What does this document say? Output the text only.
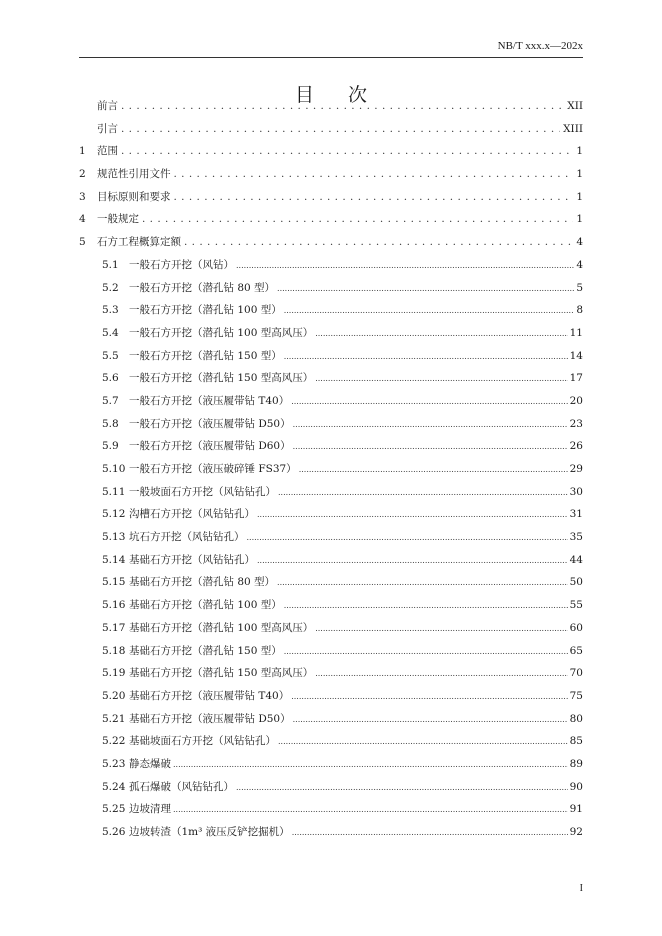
NB/T xxx.x—202x
目 次
前言 . . .	XII
引言 . . .	XIII
1	范围 . . .	1
2	规范性引用文件 . . .	1
3	目标原则和要求 . . .	1
4	一般规定 . . .	1
5	石方工程概算定额 . . .	4
5.1 一般石方开挖（风钻） .....	4
5.2 一般石方开挖（潜孔钻 80 型） .....	5
5.3 一般石方开挖（潜孔钻 100 型） .....	8
5.4 一般石方开挖（潜孔钻 100 型高风压） .....	11
5.5 一般石方开挖（潜孔钻 150 型） .....	14
5.6 一般石方开挖（潜孔钻 150 型高风压） .....	17
5.7 一般石方开挖（液压履带钻 T40） .....	20
5.8 一般石方开挖（液压履带钻 D50） .....	23
5.9 一般石方开挖（液压履带钻 D60） .....	26
5.10 一般石方开挖（液压破碎锤 FS37） .....	29
5.11 一般坡面石方开挖（风钻钻孔） .....	30
5.12 沟槽石方开挖（风钻钻孔） .....	31
5.13 坑石方开挖（风钻钻孔） .....	35
5.14 基础石方开挖（风钻钻孔） .....	44
5.15 基础石方开挖（潜孔钻 80 型） .....	50
5.16 基础石方开挖（潜孔钻 100 型） .....	55
5.17 基础石方开挖（潜孔钻 100 型高风压） .....	60
5.18 基础石方开挖（潜孔钻 150 型） .....	65
5.19 基础石方开挖（潜孔钻 150 型高风压） .....	70
5.20 基础石方开挖（液压履带钻 T40） .....	75
5.21 基础石方开挖（液压履带钻 D50） .....	80
5.22 基础坡面石方开挖（风钻钻孔） .....	85
5.23 静态爆破 .....	89
5.24 孤石爆破（风钻钻孔） .....	90
5.25 边坡清理 .....	91
5.26 边坡转渣（1m³ 液压反铲挖掘机） .....	92
I
